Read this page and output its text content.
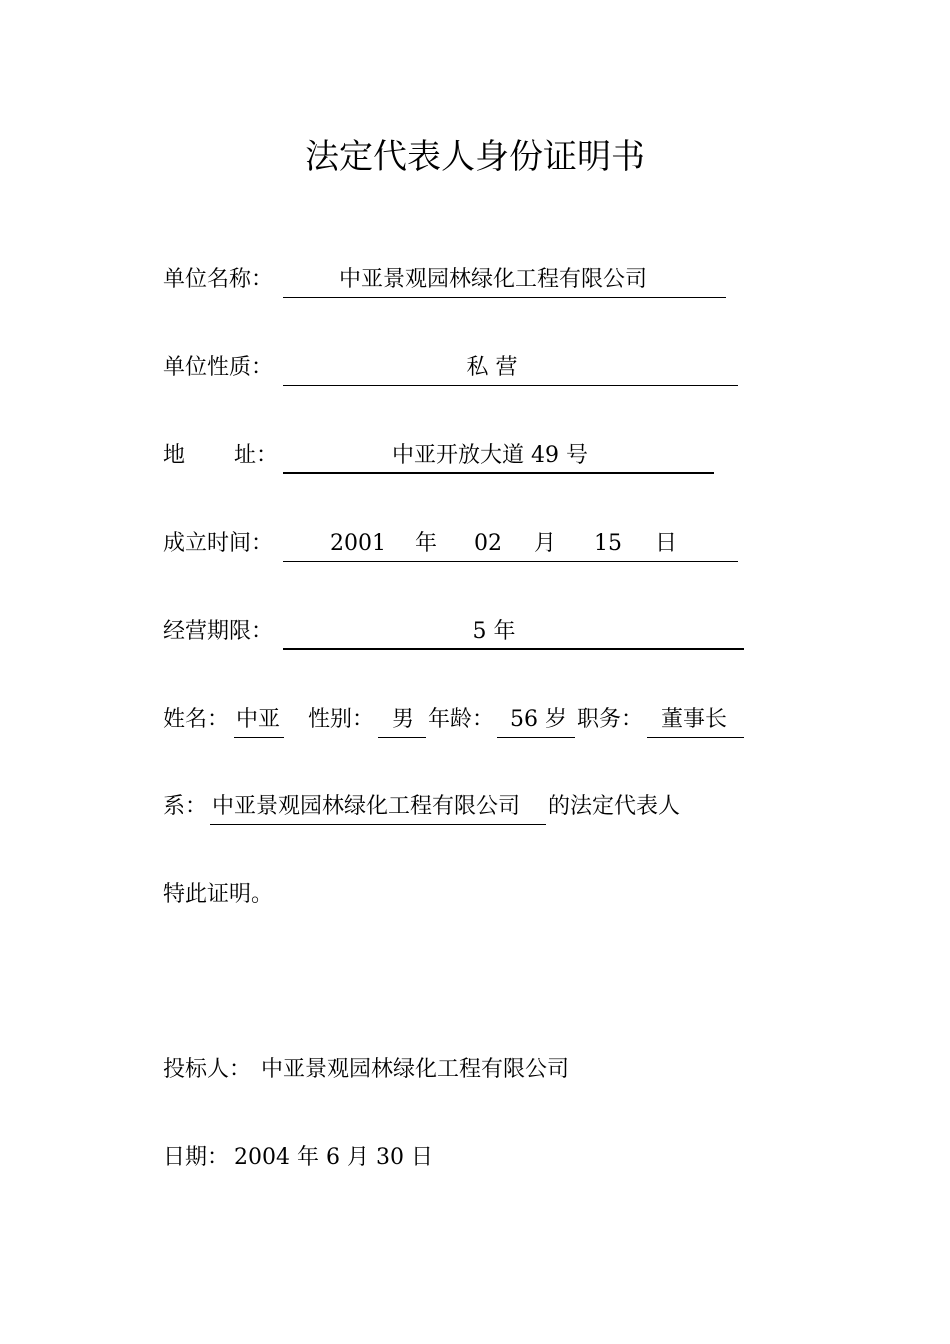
法定代表人身份证明书
单位名称：	中亚景观园林绿化工程有限公司
单位性质：	私 营
地 址：	中亚开放大道 49 号
成立时间：	2001 年 02 月 15 日
经营期限：	5 年
姓名： 中亚 性别： 男 年龄： 56 岁 职务： 董事长
系： 中亚景观园林绿化工程有限公司 的法定代表人
特此证明。
投标人： 中亚景观园林绿化工程有限公司
日期： 2004 年 6 月 30 日
